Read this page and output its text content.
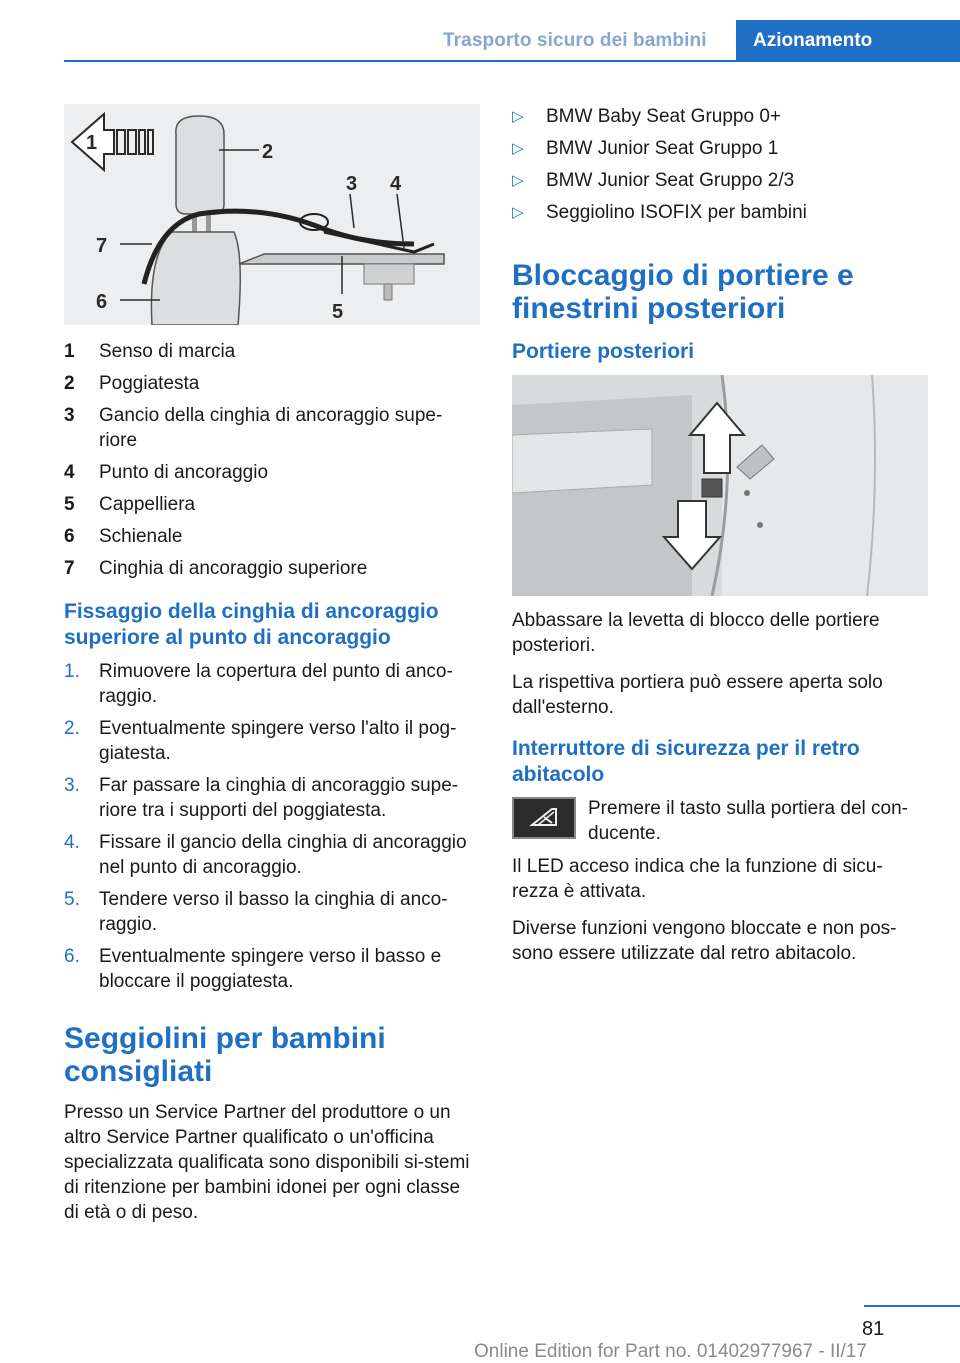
Trasporto sicuro dei bambini	Azionamento
1	2
3 4
5
6
7
1	Senso di marcia
2	Poggiatesta
3	Gancio della cinghia di ancoraggio supe-riore
4	Punto di ancoraggio
5	Cappelliera
6	Schienale
7	Cinghia di ancoraggio superiore
Fissaggio della cinghia di ancoraggio superiore al punto di ancoraggio
1.	Rimuovere la copertura del punto di anco-raggio.
2.	Eventualmente spingere verso l'alto il pog-giatesta.
3.	Far passare la cinghia di ancoraggio supe-riore tra i supporti del poggiatesta.
4.	Fissare il gancio della cinghia di ancoraggio nel punto di ancoraggio.
5.	Tendere verso il basso la cinghia di anco-raggio.
6.	Eventualmente spingere verso il basso e bloccare il poggiatesta.
Seggiolini per bambini consigliati
Presso un Service Partner del produttore o un altro Service Partner qualificato o un'officina specializzata qualificata sono disponibili si-stemi di ritenzione per bambini idonei per ogni classe di età o di peso.
▷	BMW Baby Seat Gruppo 0+
▷	BMW Junior Seat Gruppo 1
▷	BMW Junior Seat Gruppo 2/3
▷	Seggiolino ISOFIX per bambini
Bloccaggio di portiere e finestrini posteriori
Portiere posteriori
Abbassare la levetta di blocco delle portiere posteriori.
La rispettiva portiera può essere aperta solo dall'esterno.
Interruttore di sicurezza per il retro abitacolo
Premere il tasto sulla portiera del con-ducente.
Il LED acceso indica che la funzione di sicu-rezza è attivata.
Diverse funzioni vengono bloccate e non pos-sono essere utilizzate dal retro abitacolo.
81
Online Edition for Part no. 01402977967 - II/17
